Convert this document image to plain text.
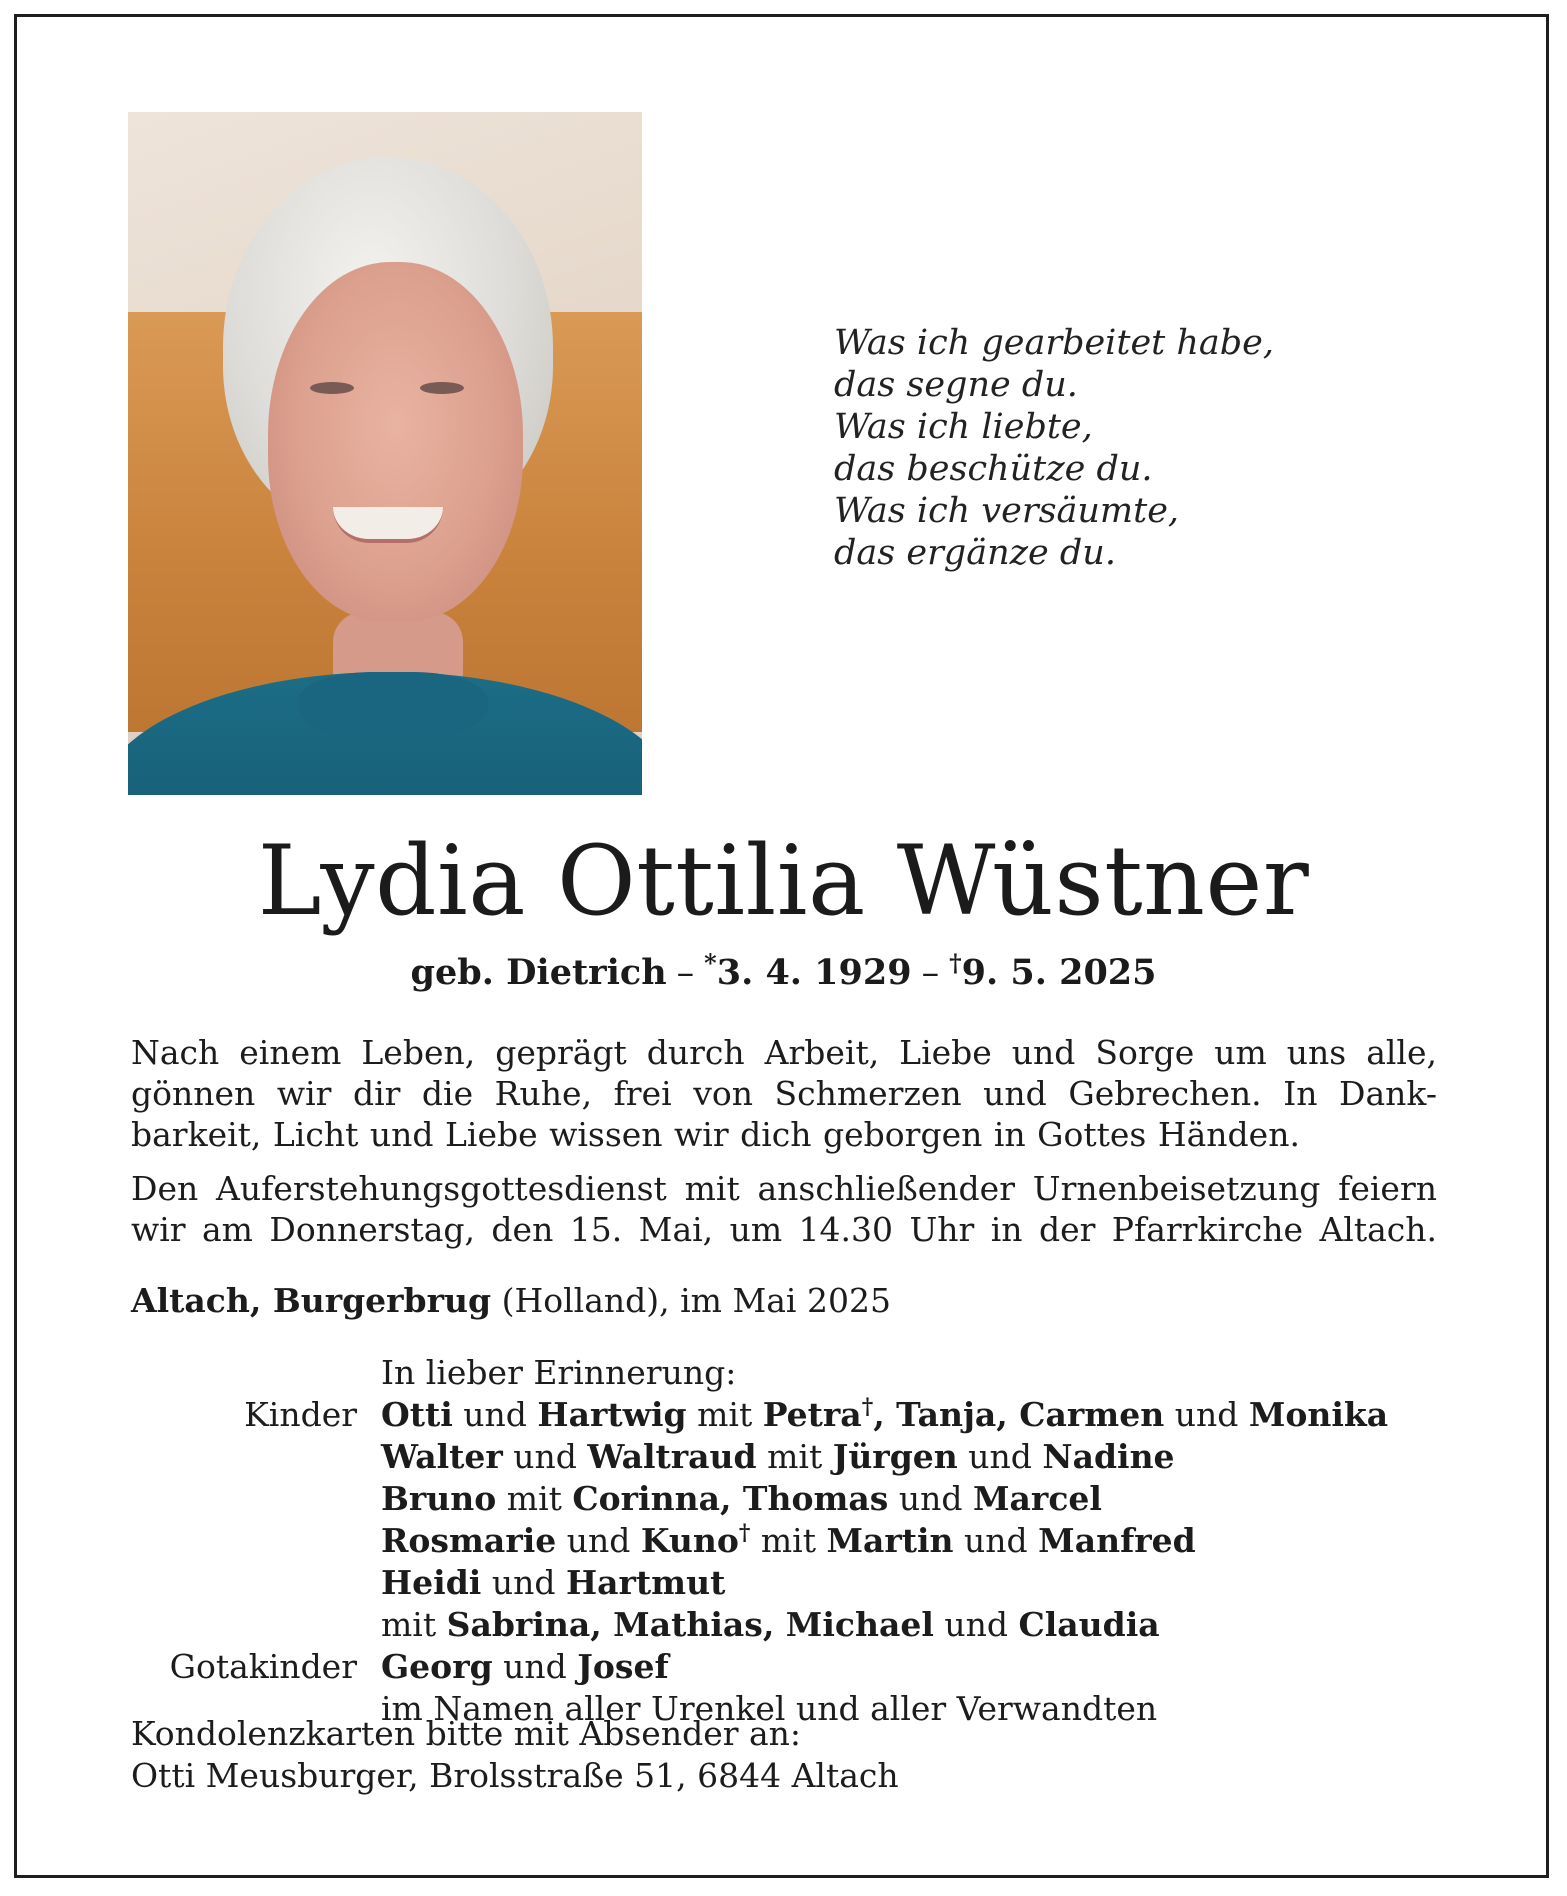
Was ich gearbeitet habe,
das segne du.
Was ich liebte,
das beschütze du.
Was ich versäumte,
das ergänze du.
Lydia Ottilia Wüstner
geb. Dietrich – *3. 4. 1929 – †9. 5. 2025
Nach einem Leben, geprägt durch Arbeit, Liebe und Sorge um uns alle,
gönnen wir dir die Ruhe, frei von Schmerzen und Gebrechen. In Dank-
barkeit, Licht und Liebe wissen wir dich geborgen in Gottes Händen.
Den Auferstehungsgottesdienst mit anschließender Urnenbeisetzung feiern
wir am Donnerstag, den 15. Mai, um 14.30 Uhr in der Pfarrkirche Altach.
Altach, Burgerbrug (Holland), im Mai 2025
In lieber Erinnerung:
Kinder Otti und Hartwig mit Petra†, Tanja, Carmen und Monika
Walter und Waltraud mit Jürgen und Nadine
Bruno mit Corinna, Thomas und Marcel
Rosmarie und Kuno† mit Martin und Manfred
Heidi und Hartmut
mit Sabrina, Mathias, Michael und Claudia
Gotakinder Georg und Josef
im Namen aller Urenkel und aller Verwandten
Kondolenzkarten bitte mit Absender an:
Otti Meusburger, Brolsstraße 51, 6844 Altach
